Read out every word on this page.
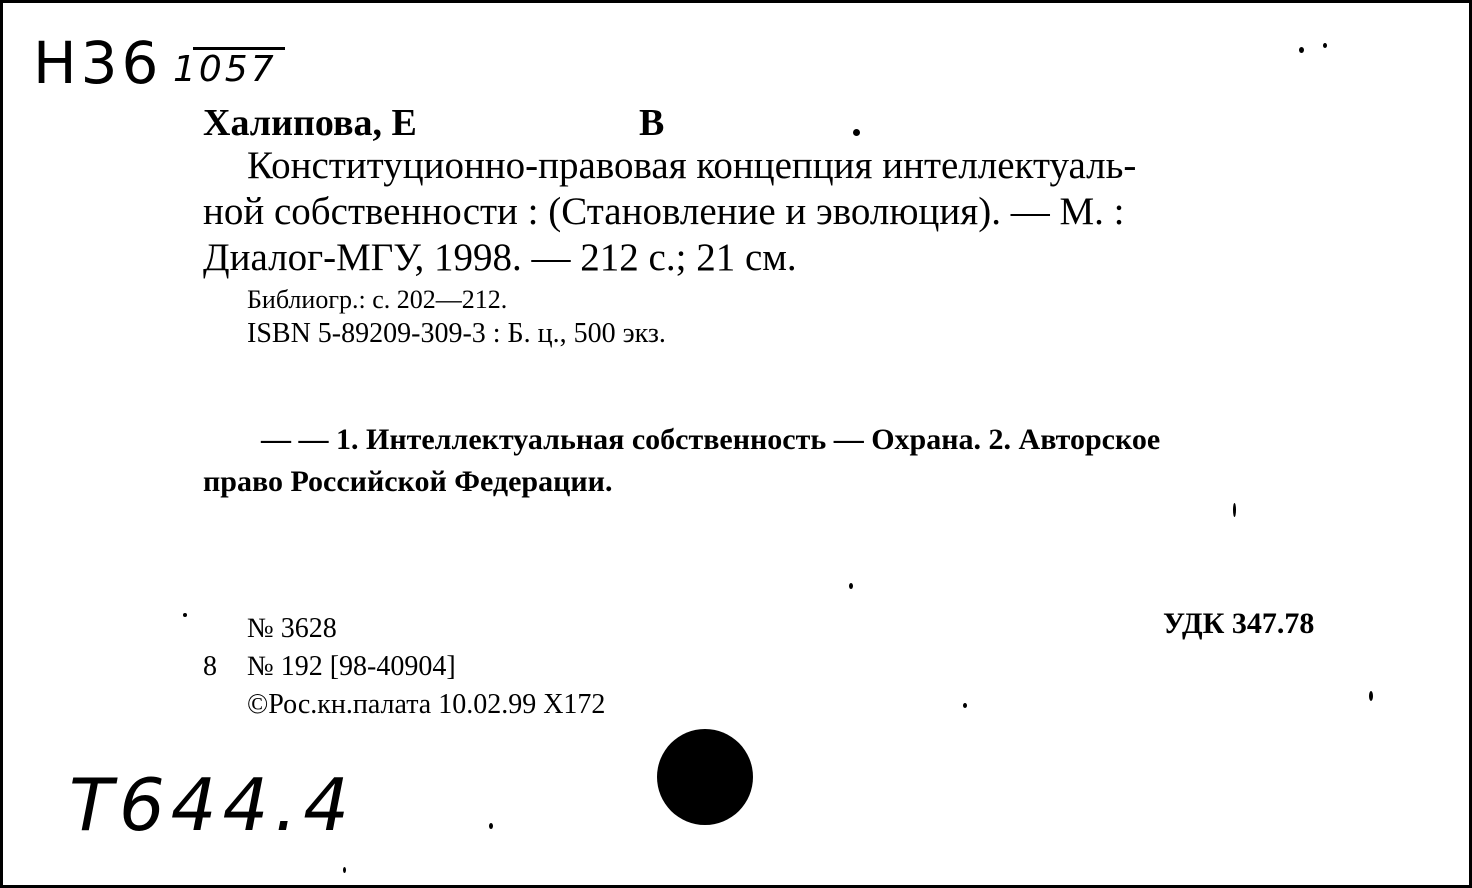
Н36 1057
Халипова, Е	В
Конституционно-правовая концепция интеллектуаль-
ной собственности : (Становление и эволюция). — М. :
Диалог-МГУ, 1998. — 212 с.; 21 см.
Библиогр.: с. 202—212.
ISBN 5-89209-309-3 : Б. ц., 500 экз.
— — 1. Интеллектуальная собственность — Охрана. 2. Авторское
право Российской Федерации.
№ 3628
8 № 192 [98-40904]
©Рос.кн.палата 10.02.99 Х172
УДК 347.78
Т644.4
